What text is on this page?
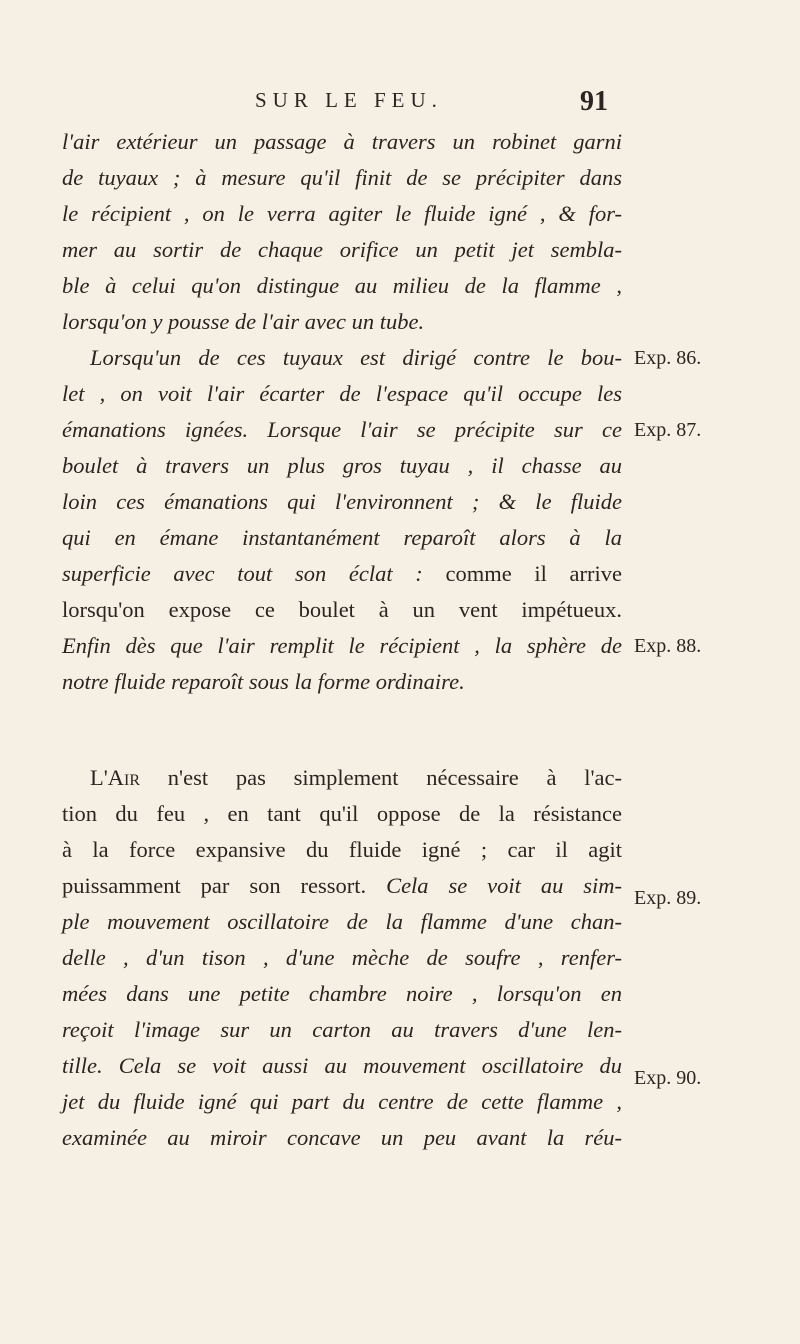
SUR LE FEU.	91
l'air extérieur un passage à travers un robinet garni
de tuyaux ; à mesure qu'il finit de se précipiter dans
le récipient , on le verra agiter le fluide igné , & for-
mer au sortir de chaque orifice un petit jet sembla-
ble à celui qu'on distingue au milieu de la flamme ,
lorsqu'on y pousse de l'air avec un tube.
Lorsqu'un de ces tuyaux est dirigé contre le bou-
let , on voit l'air écarter de l'espace qu'il occupe les
émanations ignées. Lorsque l'air se précipite sur ce
boulet à travers un plus gros tuyau , il chasse au
loin ces émanations qui l'environnent ; & le fluide
qui en émane instantanément reparoît alors à la
superficie avec tout son éclat : comme il arrive
lorsqu'on expose ce boulet à un vent impétueux.
Enfin dès que l'air remplit le récipient , la sphère de
notre fluide reparoît sous la forme ordinaire.
L'Air n'est pas simplement nécessaire à l'ac-
tion du feu , en tant qu'il oppose de la résistance
à la force expansive du fluide igné ; car il agit
puissamment par son ressort. Cela se voit au sim-
ple mouvement oscillatoire de la flamme d'une chan-
delle , d'un tison , d'une mèche de soufre , renfer-
mées dans une petite chambre noire , lorsqu'on en
reçoit l'image sur un carton au travers d'une len-
tille. Cela se voit aussi au mouvement oscillatoire du
jet du fluide igné qui part du centre de cette flamme ,
examinée au miroir concave un peu avant la réu-
Exp. 86.
Exp. 87.
Exp. 88.
Exp. 89.
Exp. 90.
